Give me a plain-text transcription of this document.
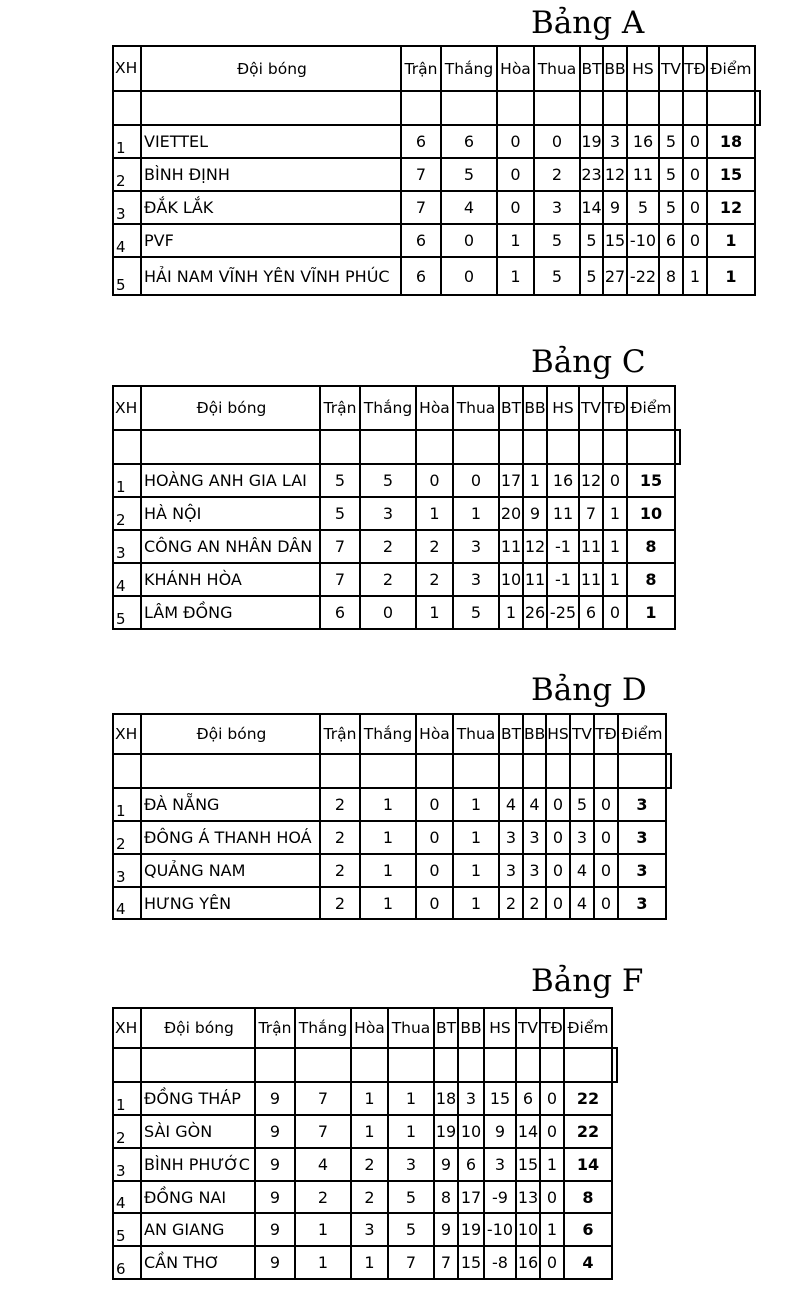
Bảng A
XH	Đội bóng	Trận	Thắng	Hòa	Thua	BT	BB	HS	TV	TĐ	Điểm

1	VIETTEL	6	6	0	0	19	3	16	5	0	18
2	BÌNH ĐỊNH	7	5	0	2	23	12	11	5	0	15
3	ĐẮK LẮK	7	4	0	3	14	9	5	5	0	12
4	PVF	6	0	1	5	5	15	-10	6	0	1
5	HẢI NAM VĨNH YÊN VĨNH PHÚC	6	0	1	5	5	27	-22	8	1	1
Bảng C
XH	Đội bóng	Trận	Thắng	Hòa	Thua	BT	BB	HS	TV	TĐ	Điểm

1	HOÀNG ANH GIA LAI	5	5	0	0	17	1	16	12	0	15
2	HÀ NỘI	5	3	1	1	20	9	11	7	1	10
3	CÔNG AN NHÂN DÂN	7	2	2	3	11	12	-1	11	1	8
4	KHÁNH HÒA	7	2	2	3	10	11	-1	11	1	8
5	LÂM ĐỒNG	6	0	1	5	1	26	-25	6	0	1
Bảng D
XH	Đội bóng	Trận	Thắng	Hòa	Thua	BT	BB	HS	TV	TĐ	Điểm

1	ĐÀ NẴNG	2	1	0	1	4	4	0	5	0	3
2	ĐÔNG Á THANH HOÁ	2	1	0	1	3	3	0	3	0	3
3	QUẢNG NAM	2	1	0	1	3	3	0	4	0	3
4	HƯNG YÊN	2	1	0	1	2	2	0	4	0	3
Bảng F
XH	Đội bóng	Trận	Thắng	Hòa	Thua	BT	BB	HS	TV	TĐ	Điểm

1	ĐỒNG THÁP	9	7	1	1	18	3	15	6	0	22
2	SÀI GÒN	9	7	1	1	19	10	9	14	0	22
3	BÌNH PHƯỚC	9	4	2	3	9	6	3	15	1	14
4	ĐỒNG NAI	9	2	2	5	8	17	-9	13	0	8
5	AN GIANG	9	1	3	5	9	19	-10	10	1	6
6	CẦN THƠ	9	1	1	7	7	15	-8	16	0	4
